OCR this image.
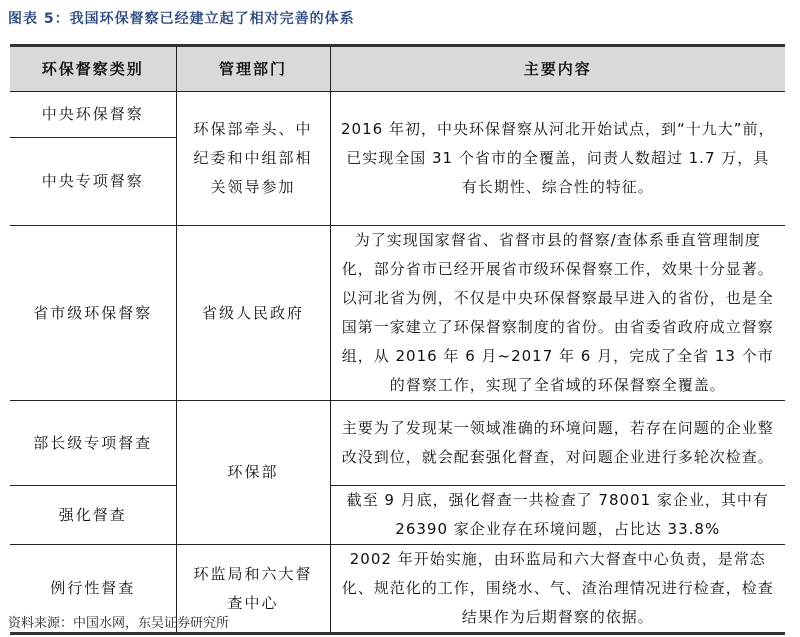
图表 5：我国环保督察已经建立起了相对完善的体系
环保督察类别	管理部门	主要内容
中央环保督察	环保部牵头、中纪委和中组部相关领导参加	2016 年初，中央环保督察从河北开始试点，到“十九大”前，已实现全国 31 个省市的全覆盖，问责人数超过 1.7 万，具有长期性、综合性的特征。
中央专项督察		
省市级环保督察	省级人民政府	为了实现国家督省、省督市县的督察/查体系垂直管理制度化，部分省市已经开展省市级环保督察工作，效果十分显著。以河北省为例，不仅是中央环保督察最早进入的省份，也是全国第一家建立了环保督察制度的省份。由省委省政府成立督察组，从 2016 年 6 月~2017 年 6 月，完成了全省 13 个市的督察工作，实现了全省域的环保督察全覆盖。
部长级专项督查	环保部	主要为了发现某一领域准确的环境问题，若存在问题的企业整改没到位，就会配套强化督查，对问题企业进行多轮次检查。
强化督查		截至 9 月底，强化督查一共检查了 78001 家企业，其中有 26390 家企业存在环境问题，占比达 33.8%
例行性督查	环监局和六大督查中心	2002 年开始实施，由环监局和六大督查中心负责，是常态化、规范化的工作，围绕水、气、渣治理情况进行检查，检查结果作为后期督察的依据。
资料来源：中国水网，东吴证券研究所
